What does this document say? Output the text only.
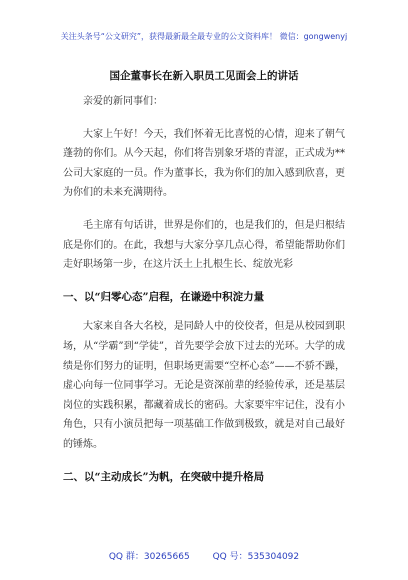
关注头条号“公文研究”，获得最新最全最专业的公文资料库！ 微信：gongwenyj
国企董事长在新入职员工见面会上的讲话

亲爱的新同事们：

大家上午好！今天，我们怀着无比喜悦的心情，迎来了朝气蓬勃的你们。从今天起，你们将告别象牙塔的青涩，正式成为**公司大家庭的一员。作为董事长，我为你们的加入感到欣喜，更为你们的未来充满期待。

毛主席有句话讲，世界是你们的，也是我们的，但是归根结底是你们的。在此，我想与大家分享几点心得，希望能帮助你们走好职场第一步，在这片沃土上扎根生长、绽放光彩

一、以“归零心态”启程，在谦逊中积淀力量

大家来自各大名校，是同龄人中的佼佼者，但是从校园到职场，从“学霸”到“学徒”，首先要学会放下过去的光环。大学的成绩是你们努力的证明，但职场更需要“空杯心态”——不骄不躁，虚心向每一位同事学习。无论是资深前辈的经验传承，还是基层岗位的实践积累，都藏着成长的密码。大家要牢牢记住，没有小角色，只有小演员把每一项基础工作做到极致，就是对自己最好的锤炼。

二、以“主动成长”为帆，在突破中提升格局
QQ 群：30265665	QQ 号：535304092
